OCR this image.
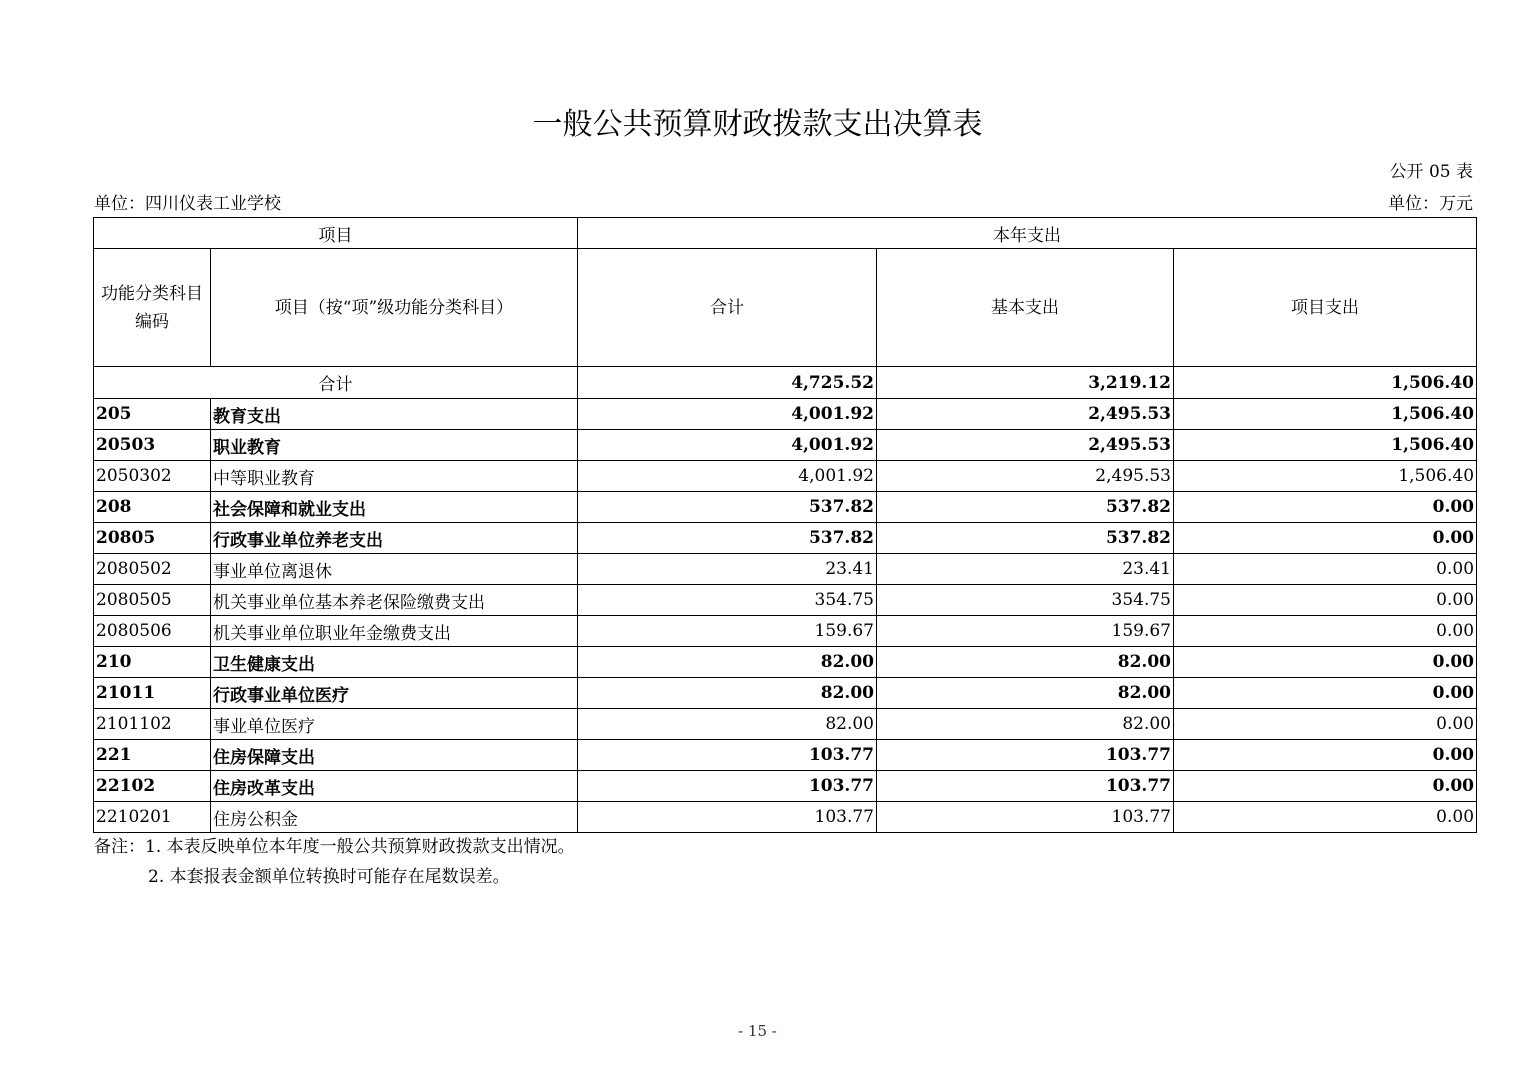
一般公共预算财政拨款支出决算表
公开 05 表
单位：四川仪表工业学校	单位：万元
项目		本年支出		
功能分类科目编码	项目（按“项”级功能分类科目）	合计	基本支出	项目支出
合计		4,725.52	3,219.12	1,506.40
205	教育支出	4,001.92	2,495.53	1,506.40
20503	职业教育	4,001.92	2,495.53	1,506.40
2050302	中等职业教育	4,001.92	2,495.53	1,506.40
208	社会保障和就业支出	537.82	537.82	0.00
20805	行政事业单位养老支出	537.82	537.82	0.00
2080502	事业单位离退休	23.41	23.41	0.00
2080505	机关事业单位基本养老保险缴费支出	354.75	354.75	0.00
2080506	机关事业单位职业年金缴费支出	159.67	159.67	0.00
210	卫生健康支出	82.00	82.00	0.00
21011	行政事业单位医疗	82.00	82.00	0.00
2101102	事业单位医疗	82.00	82.00	0.00
221	住房保障支出	103.77	103.77	0.00
22102	住房改革支出	103.77	103.77	0.00
2210201	住房公积金	103.77	103.77	0.00
备注：1. 本表反映单位本年度一般公共预算财政拨款支出情况。
2. 本套报表金额单位转换时可能存在尾数误差。
- 15 -
